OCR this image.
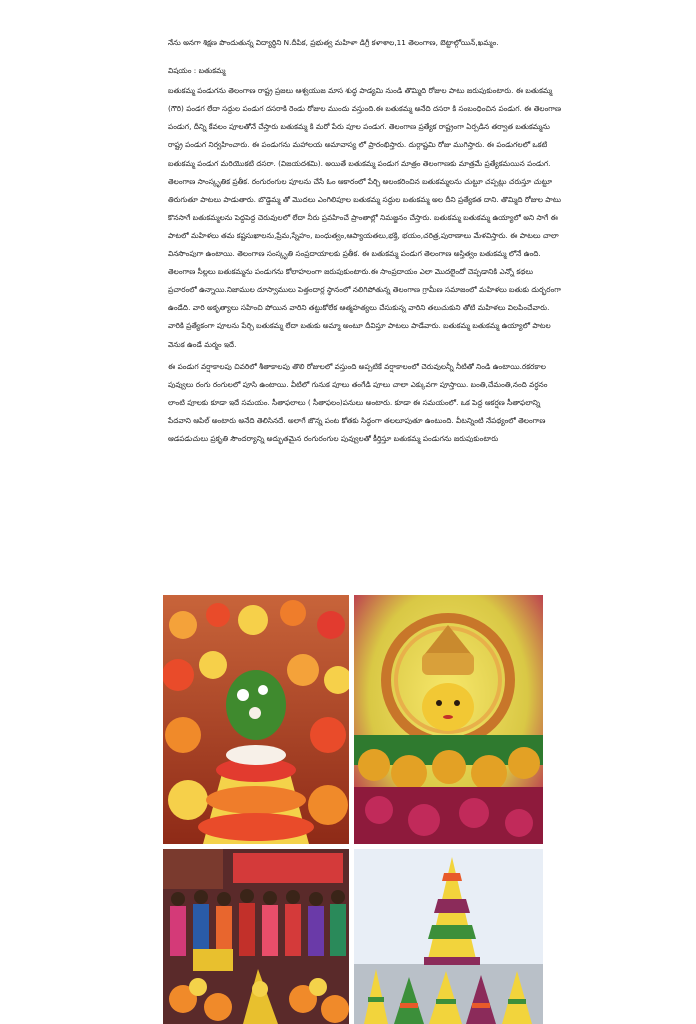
నేను అనగా శిక్షణ పొందుతున్న విద్యార్థిని N.దీపిక, ప్రభుత్వ మహిళా డిగ్రీ కళాశాల,11 తెలంగాణ, బెట్టాల్గోయిన్,ఖమ్మం.

విషయం : బతుకమ్మ

బతుకమ్మ పండుగను తెలంగాణ రాష్ట్ర ప్రజలు ఆశ్వయుజ మాస శుద్ధ పాడ్యమి నుండి తొమ్మిది రోజుల పాటు జరుపుకుంటారు. ఈ బతుకమ్మ (గౌరి) పండగ లేదా సద్దుల పండుగ దసరాకి రెండు రోజుల ముందు వస్తుంది.ఈ బతుకమ్మ అనేది దసరా కి సంబంధించిన పండుగ. ఈ తెలంగాణ పండుగ, దీన్ని కేవలం పూలతోనే చేస్తారు బతుకమ్మ కి మరో పేరు పూల పండుగ. తెలంగాణ ప్రత్యేక రాష్ట్రంగా ఏర్పడిన తర్వాత బతుకమ్మను రాష్ట్ర పండుగ నిర్వహించారు. ఈ పండుగను మహాలయ అమావాస్య లో ప్రారంభిస్తారు. దుర్గాష్టమి రోజు ముగిస్తారు. ఈ పండుగలలో ఒకటి బతుకమ్మ పండుగ మరియొకటి దసరా. (విజయదశమి). అయితే బతుకమ్మ పండుగ మాత్రం తెలంగాణకు మాత్రమే ప్రత్యేకమయిన పండుగ. తెలంగాణ సాంస్కృతిక ప్రతీక. రంగురంగుల పూలను చేసే ఓం ఆకారంలో పేర్చి అలంకరించిన బతుకమ్మలను చుట్టూ చప్పట్లు చరుస్తూ చుట్టూ తిరుగుతూ పాటలు పాడుతారు. బొడ్డెమ్మ తో మొదలు ఎంగిలిపూల బతుకమ్మ సద్దుల బతుకమ్మ అల దీని ప్రత్యేకత దాని. తొమ్మిది రోజుల పాటు కొనసాగే బతుకమ్మలను పెద్దపెద్ద చెరువులలో లేదా నీరు ప్రవహించే ప్రాంతాల్లో నిమజ్జనం చేస్తారు. బతుకమ్మ బతుకమ్మ ఉయ్యాలో అని సాగే ఈ పాటలో మహిళలు తమ కష్టసుఖాలను,ప్రేమ,స్నేహం, బంధుత్వం,ఆప్యాయతలు,భక్తి, భయం,చరిత్ర,పురాణాలు మేళవిస్తారు. ఈ పాటలు చాలా వినసొంపుగా ఉంటాయి. తెలంగాణ సంస్కృతి సంప్రదాయాలకు ప్రతీక. ఈ బతుకమ్మ పండుగ తెలంగాణ అస్తిత్వం బతుకమ్మ లోనే ఉంది. తెలంగాణ సీల్లలు బతుకమ్మను పండుగను కోలాహలంగా జరుపుకుంటారు.ఈ సాంప్రదాయం ఎలా మొదలైందో చెప్పడానికి ఎన్నో కథలు ప్రచారంలో ఉన్నాయి.నిజాముల దూస్వాములు పెత్తందార్ల స్థానంలో నలిగిపోతున్న తెలంగాణ గ్రామీణ సమాజంలో మహిళలు బతుకు దుర్భరంగా ఉండేది. వారి అకృత్యాలు సహించి పోయిన వారిని తట్టుకోలేక ఆత్మహత్యలు చేసుకున్న వారిని తలుచుకుని తోటి మహిళలు విలపించేవారు. వారికి ప్రత్యేకంగా పూలను పేర్చి బతుకమ్మ లేదా బతుకు అమ్మా అంటూ దీవిస్తూ పాటలు పాడేవారు. బతుకమ్మ బతుకమ్మ ఉయ్యాలో పాటల వెనుక ఉండే మర్మం ఇదే.

ఈ పండుగ వర్షాకాలపు చివరిలో శీతాకాలపు తొలి రోజులలో వస్తుంది అప్పటికే వర్షాకాలంలో చెరువులన్నీ నీటితో నిండి ఉంటాయి.రకరకాల పువ్వులు రంగు రంగులలో పూసి ఉంటాయి. వీటిలో గునుక పూలు తంగేడి పూలు చాలా ఎక్కువగా పూస్తాయి. బంతి,చేమంతి,నంది వర్ధనం లాంటి పూలకు కూడా ఇదే సమయం. సీతాఫలాలు ( సీతాఫలం)పనులు అంటారు. కూడా ఈ సమయంలో. ఒక పెద్ద ఆకర్షణ సీతాఫలాన్ని పేదవాని ఆపిల్ అంటారు అనేది తెలిసినదే. అలాగే జొన్న పంట కోతకు సిద్ధంగా తలలూపుతూ ఉంటుంది. వీటన్నింటి నేపథ్యంలో తెలంగాణ ఆడపడుచులు ప్రకృతి సౌందర్యాన్ని అద్భుతమైన రంగురంగుల పువ్వులతో కీర్తిస్తూ బతుకమ్మ పండుగను జరుపుకుంటారు
